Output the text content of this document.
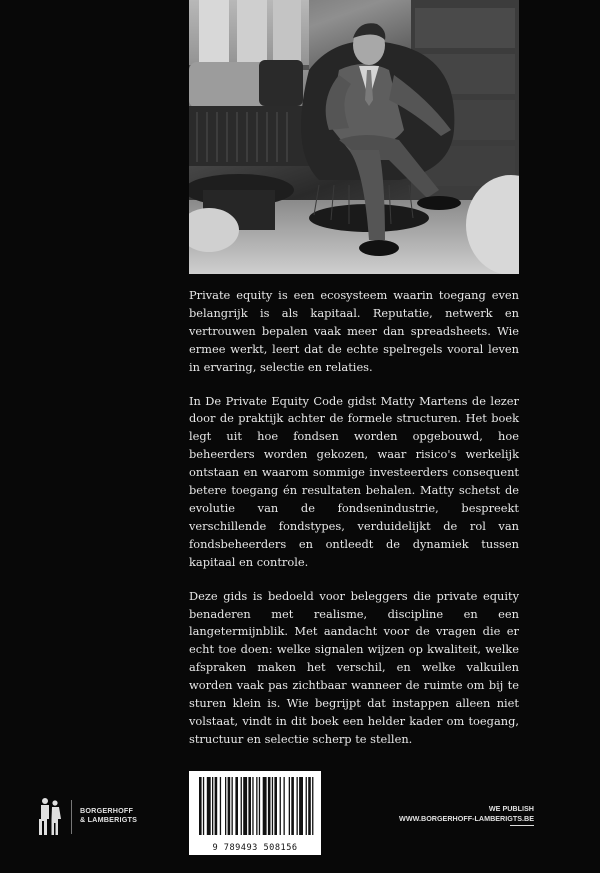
Private equity is een ecosysteem waarin toegang even belangrijk is als kapitaal. Reputatie, netwerk en vertrouwen bepalen vaak meer dan spreadsheets. Wie ermee werkt, leert dat de echte spelregels vooral leven in ervaring, selectie en relaties.

In De Private Equity Code gidst Matty Martens de lezer door de praktijk achter de formele structuren. Het boek legt uit hoe fondsen worden opgebouwd, hoe beheerders worden gekozen, waar risico's werkelijk ontstaan en waarom sommige investeerders consequent betere toegang én resultaten behalen. Matty schetst de evolutie van de fondsenindustrie, bespreekt verschillende fondstypes, verduidelijkt de rol van fondsbeheerders en ontleedt de dynamiek tussen kapitaal en controle.

Deze gids is bedoeld voor beleggers die private equity benaderen met realisme, discipline en een langetermijnblik. Met aandacht voor de vragen die er echt toe doen: welke signalen wijzen op kwaliteit, welke afspraken maken het verschil, en welke valkuilen worden vaak pas zichtbaar wanneer de ruimte om bij te sturen klein is. Wie begrijpt dat instappen alleen niet volstaat, vindt in dit boek een helder kader om toegang, structuur en selectie scherp te stellen.

9 789493 508156
BORGERHOFF
& LAMBERIGTS
WE PUBLISH
WWW.BORGERHOFF-LAMBERIGTS.BE
